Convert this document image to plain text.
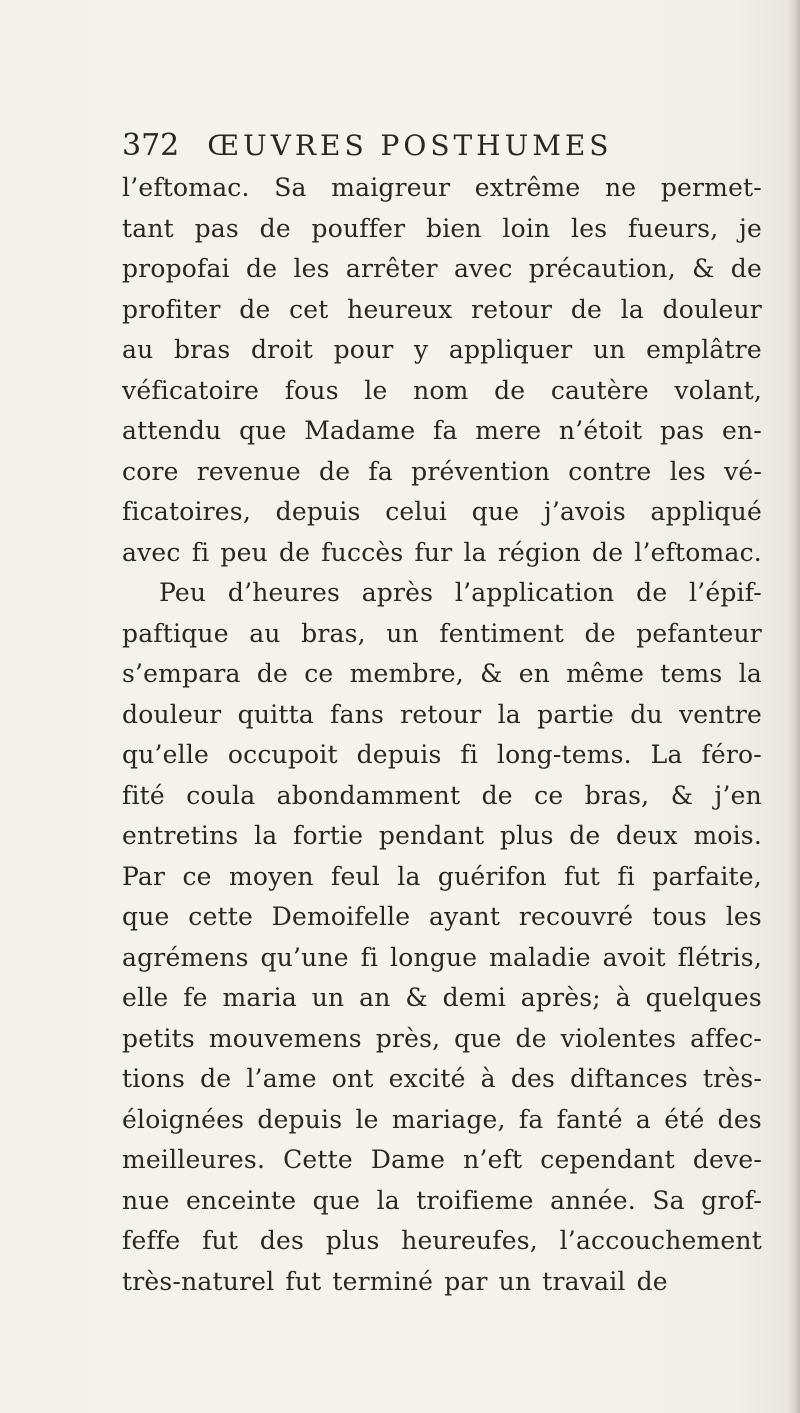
372 ŒUVRES POSTHUMES
l’eftomac. Sa maigreur extrême ne permet-
tant pas de pouffer bien loin les fueurs, je
propofai de les arrêter avec précaution, & de
profiter de cet heureux retour de la douleur
au bras droit pour y appliquer un emplâtre
véficatoire fous le nom de cautère volant,
attendu que Madame fa mere n’étoit pas en-
core revenue de fa prévention contre les vé-
ficatoires, depuis celui que j’avois appliqué
avec fi peu de fuccès fur la région de l’eftomac.
Peu d’heures après l’application de l’épif-
paftique au bras, un fentiment de pefanteur
s’empara de ce membre, & en même tems la
douleur quitta fans retour la partie du ventre
qu’elle occupoit depuis fi long-tems. La féro-
fité coula abondamment de ce bras, & j’en
entretins la fortie pendant plus de deux mois.
Par ce moyen feul la guérifon fut fi parfaite,
que cette Demoifelle ayant recouvré tous les
agrémens qu’une fi longue maladie avoit flétris,
elle fe maria un an & demi après; à quelques
petits mouvemens près, que de violentes affec-
tions de l’ame ont excité à des diftances très-
éloignées depuis le mariage, fa fanté a été des
meilleures. Cette Dame n’eft cependant deve-
nue enceinte que la troifieme année. Sa grof-
feffe fut des plus heureufes, l’accouchement
très-naturel fut terminé par un travail de
